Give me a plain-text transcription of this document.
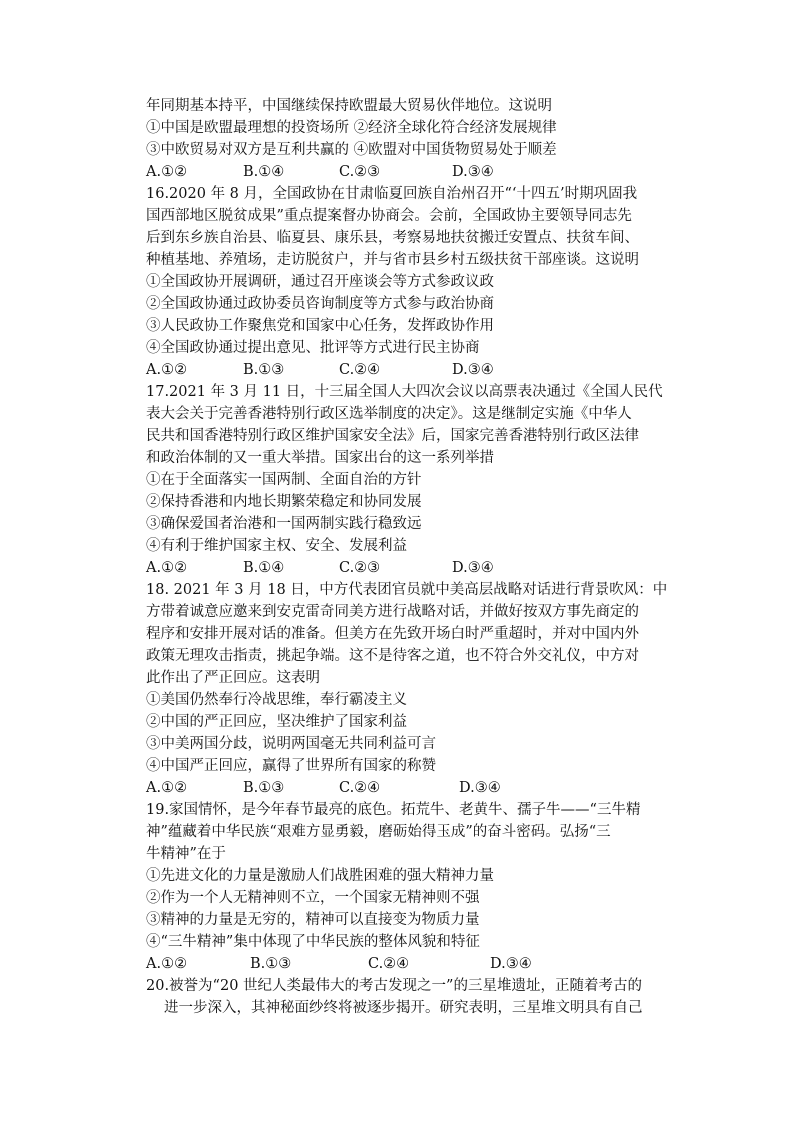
年同期基本持平，中国继续保持欧盟最大贸易伙伴地位。这说明
①中国是欧盟最理想的投资场所 ②经济全球化符合经济发展规律
③中欧贸易对双方是互利共赢的 ④欧盟对中国货物贸易处于顺差
A.①②	B.①④	C.②③	D.③④
16.2020 年 8 月，全国政协在甘肃临夏回族自治州召开“‘十四五’时期巩固我
国西部地区脱贫成果”重点提案督办协商会。会前，全国政协主要领导同志先
后到东乡族自治县、临夏县、康乐县，考察易地扶贫搬迁安置点、扶贫车间、
种植基地、养殖场，走访脱贫户，并与省市县乡村五级扶贫干部座谈。这说明
①全国政协开展调研，通过召开座谈会等方式参政议政
②全国政协通过政协委员咨询制度等方式参与政治协商
③人民政协工作聚焦党和国家中心任务，发挥政协作用
④全国政协通过提出意见、批评等方式进行民主协商
A.①②	B.①③	C.②④	D.③④
17.2021 年 3 月 11 日，十三届全国人大四次会议以高票表决通过《全国人民代
表大会关于完善香港特别行政区选举制度的决定》。这是继制定实施《中华人
民共和国香港特别行政区维护国家安全法》后，国家完善香港特别行政区法律
和政治体制的又一重大举措。国家出台的这一系列举措
①在于全面落实一国两制、全面自治的方针
②保持香港和内地长期繁荣稳定和协同发展
③确保爱国者治港和一国两制实践行稳致远
④有利于维护国家主权、安全、发展利益
A.①②	B.①④	C.②③	D.③④
18. 2021 年 3 月 18 日，中方代表团官员就中美高层战略对话进行背景吹风：中
方带着诚意应邀来到安克雷奇同美方进行战略对话，并做好按双方事先商定的
程序和安排开展对话的准备。但美方在先致开场白时严重超时，并对中国内外
政策无理攻击指责，挑起争端。这不是待客之道，也不符合外交礼仪，中方对
此作出了严正回应。这表明
①美国仍然奉行冷战思维，奉行霸凌主义
②中国的严正回应，坚决维护了国家利益
③中美两国分歧，说明两国毫无共同利益可言
④中国严正回应，赢得了世界所有国家的称赞
A.①②	B.①③	C.②④	D.③④
19.家国情怀，是今年春节最亮的底色。拓荒牛、老黄牛、孺子牛——“三牛精
神”蕴藏着中华民族“艰难方显勇毅，磨砺始得玉成”的奋斗密码。弘扬“三
牛精神”在于
①先进文化的力量是激励人们战胜困难的强大精神力量
②作为一个人无精神则不立，一个国家无精神则不强
③精神的力量是无穷的，精神可以直接变为物质力量
④“三牛精神”集中体现了中华民族的整体风貌和特征
A.①②	B.①③	C.②④	D.③④
20.被誉为“20 世纪人类最伟大的考古发现之一”的三星堆遗址，正随着考古的
进一步深入，其神秘面纱终将被逐步揭开。研究表明，三星堆文明具有自己
